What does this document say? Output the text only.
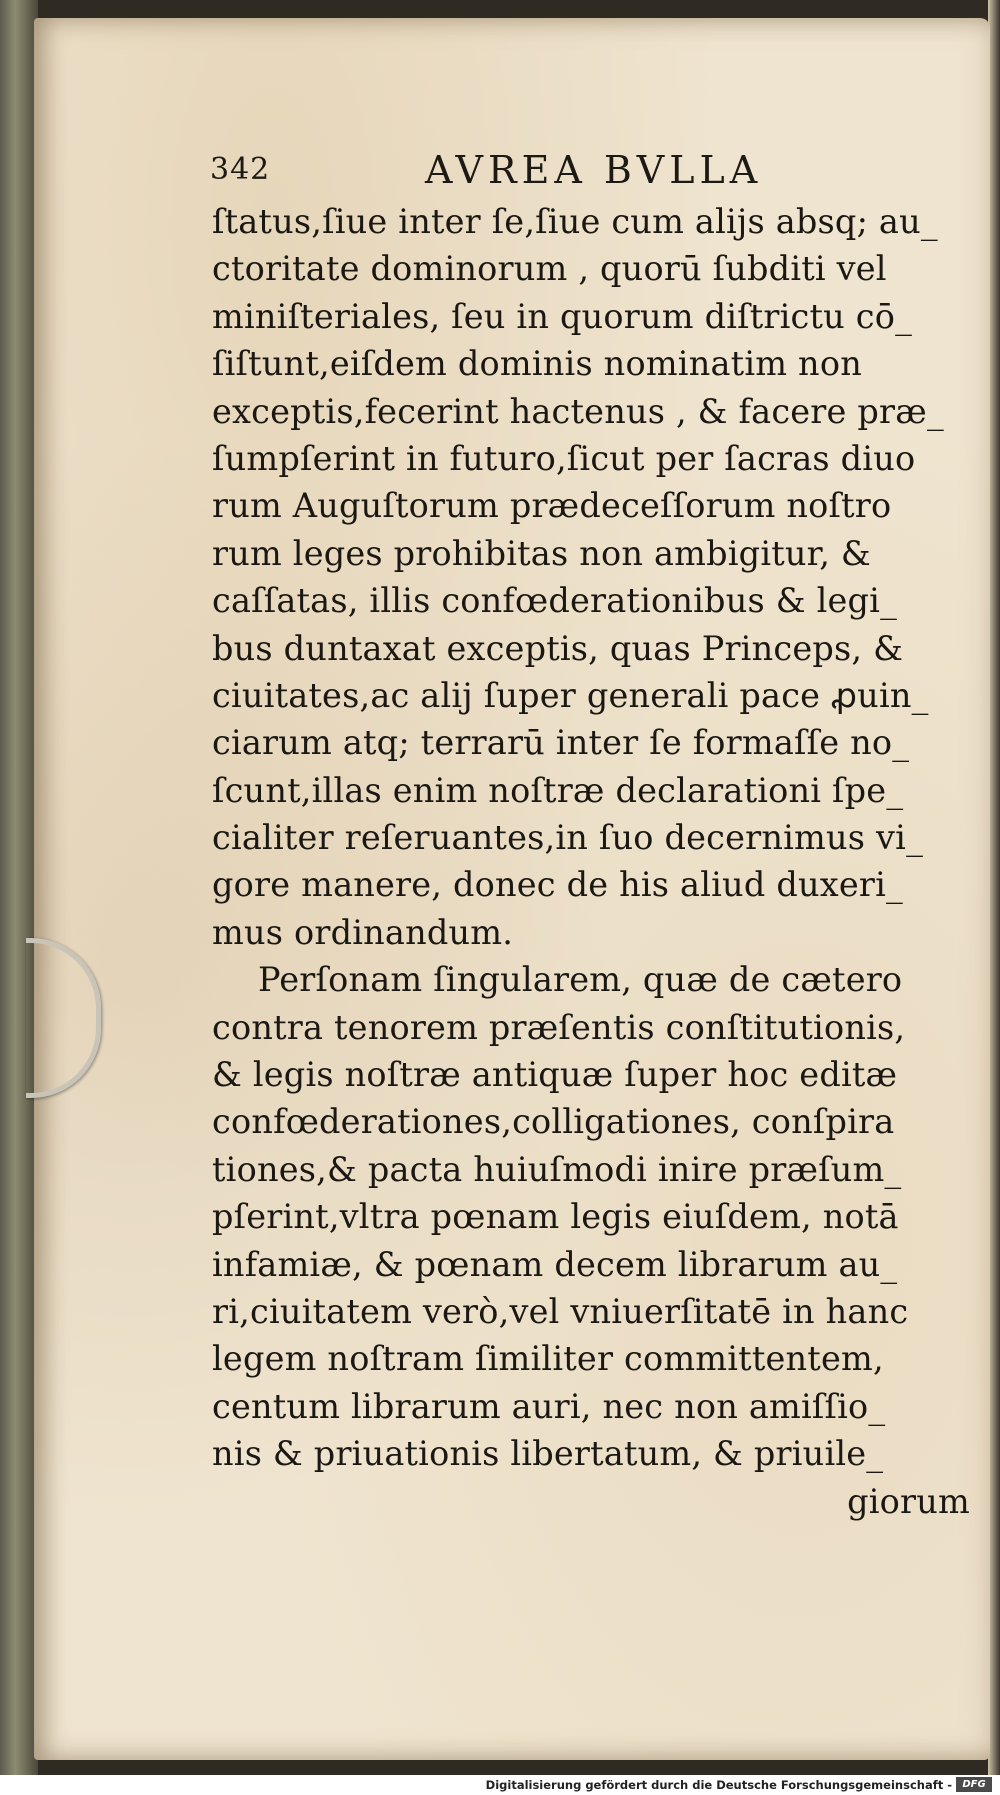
342	AVREA BVLLA
ſtatus,ſiue inter ſe,ſiue cum alijs absq; au_
ctoritate dominorum , quorū ſubditi vel
miniſteriales, ſeu in quorum diſtrictu cō_
ſiſtunt,eiſdem dominis nominatim non
exceptis,fecerint hactenus , & facere præ_
ſumpſerint in futuro,ſicut per ſacras diuo
rum Auguſtorum prædeceſſorum noſtro
rum leges prohibitas non ambigitur, &
caſſatas, illis confœderationibus & legi_
bus duntaxat exceptis, quas Princeps, &
ciuitates,ac alij ſuper generali pace ꝓuin_
ciarum atq; terrarū inter ſe formaſſe no_
ſcunt,illas enim noſtræ declarationi ſpe_
cialiter reſeruantes,in ſuo decernimus vi_
gore manere, donec de his aliud duxeri_
mus ordinandum.
Perſonam ſingularem, quæ de cætero
contra tenorem præſentis conſtitutionis,
& legis noſtræ antiquæ ſuper hoc editæ
confœderationes,colligationes, conſpira
tiones,& pacta huiuſmodi inire præſum_
pſerint,vltra pœnam legis eiuſdem, notā
infamiæ, & pœnam decem librarum au_
ri,ciuitatem verò,vel vniuerſitatē in hanc
legem noſtram ſimiliter committentem,
centum librarum auri, nec non amiſſio_
nis & priuationis libertatum, & priuile_
giorum
Digitalisierung gefördert durch die Deutsche Forschungsgemeinschaft -	DFG
